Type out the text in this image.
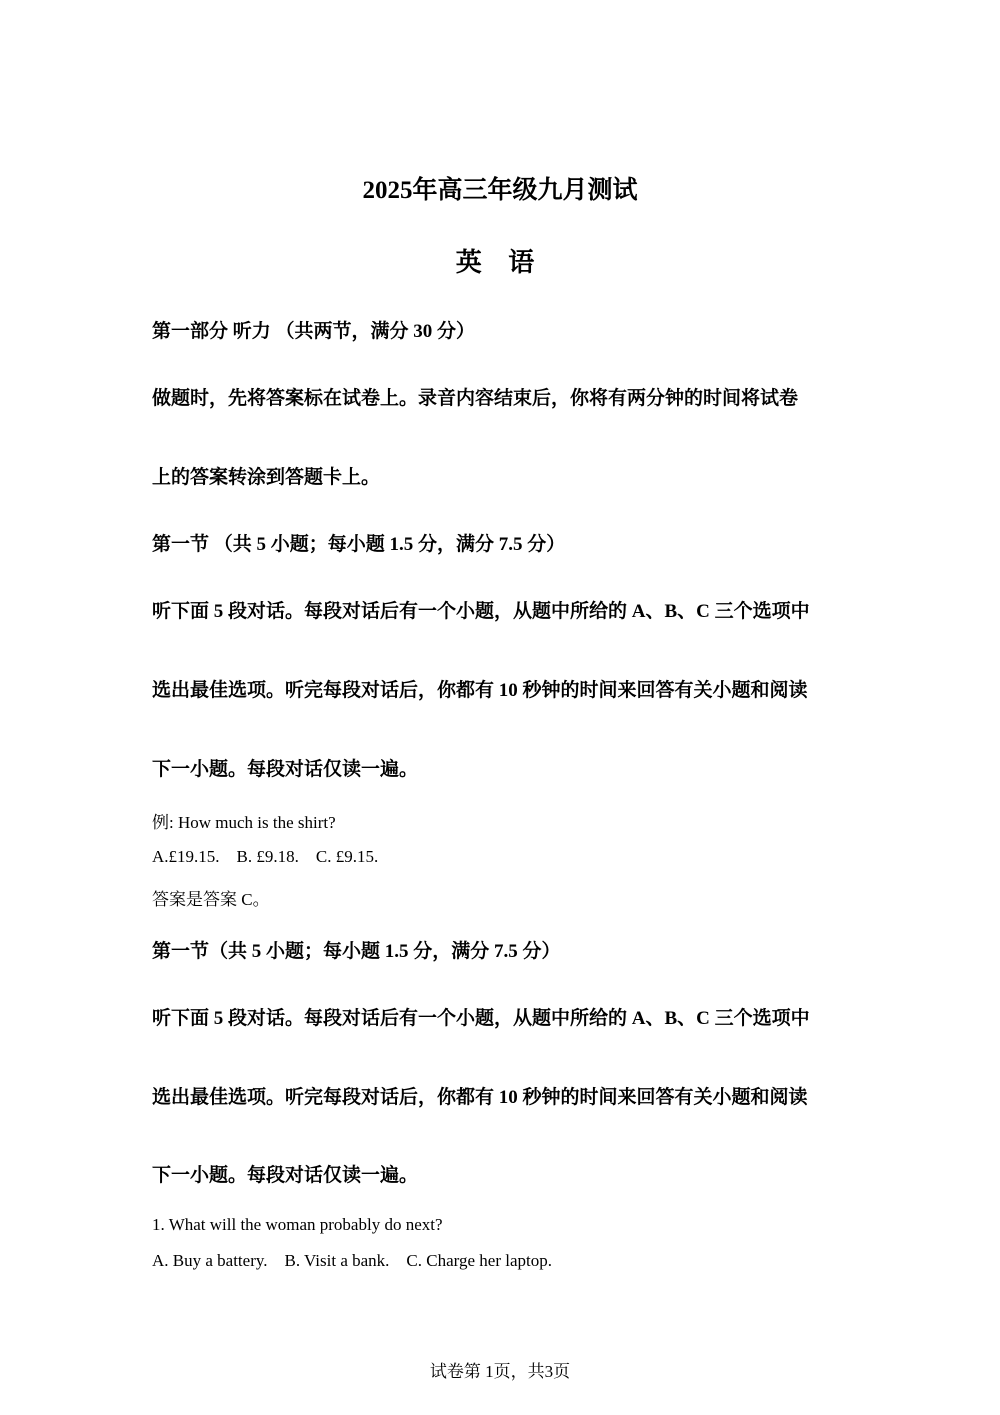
2025年高三年级九月测试
英 语
第一部分 听力 （共两节，满分 30 分）
做题时，先将答案标在试卷上。录音内容结束后，你将有两分钟的时间将试卷
上的答案转涂到答题卡上。
第一节 （共 5 小题；每小题 1.5 分，满分 7.5 分）
听下面 5 段对话。每段对话后有一个小题，从题中所给的 A、B、C 三个选项中
选出最佳选项。听完每段对话后，你都有 10 秒钟的时间来回答有关小题和阅读
下一小题。每段对话仅读一遍。
例: How much is the shirt?
A.£19.15.    B. £9.18.    C. £9.15.
答案是答案 C。
第一节（共 5 小题；每小题 1.5 分，满分 7.5 分）
听下面 5 段对话。每段对话后有一个小题，从题中所给的 A、B、C 三个选项中
选出最佳选项。听完每段对话后，你都有 10 秒钟的时间来回答有关小题和阅读
下一小题。每段对话仅读一遍。
1. What will the woman probably do next?
A. Buy a battery.    B. Visit a bank.    C. Charge her laptop.
试卷第 1页，共3页
